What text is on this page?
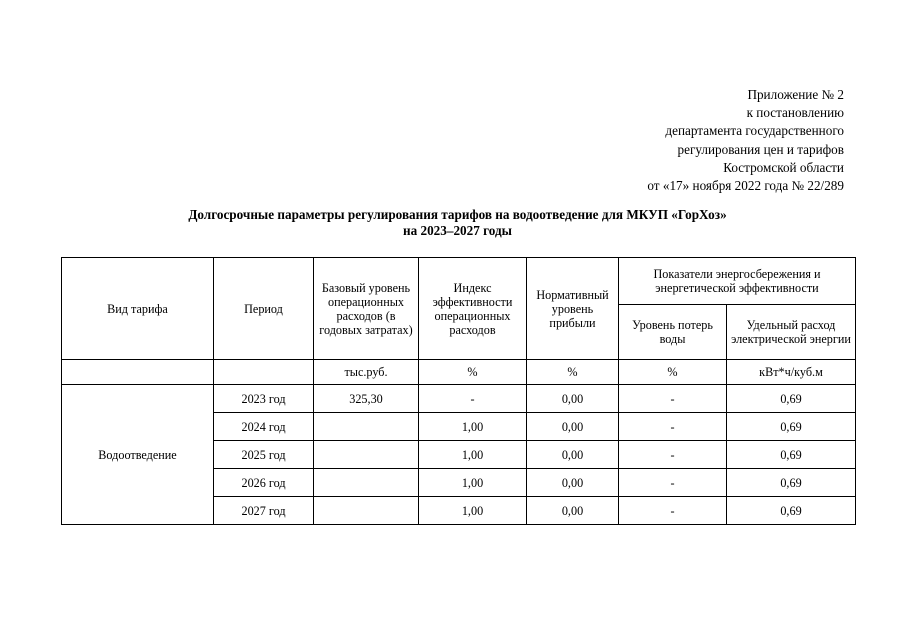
Приложение № 2
к постановлению
департамента государственного
регулирования цен и тарифов
Костромской области
от «17» ноября 2022 года № 22/289
Долгосрочные параметры регулирования тарифов на водоотведение для МКУП «ГорХоз»
на 2023–2027 годы
Вид тарифа	Период	Базовый уровень операционных расходов (в годовых затратах)	Индекс эффективности операционных расходов	Нормативный уровень прибыли	Показатели энергосбережения и энергетической эффективности	
					Уровень потерь воды	Удельный расход электрической энергии
		тыс.руб.	%	%	%	кВт*ч/куб.м
Водоотведение	2023 год	325,30	-	0,00	-	0,69
	2024 год		1,00	0,00	-	0,69
	2025 год		1,00	0,00	-	0,69
	2026 год		1,00	0,00	-	0,69
	2027 год		1,00	0,00	-	0,69
